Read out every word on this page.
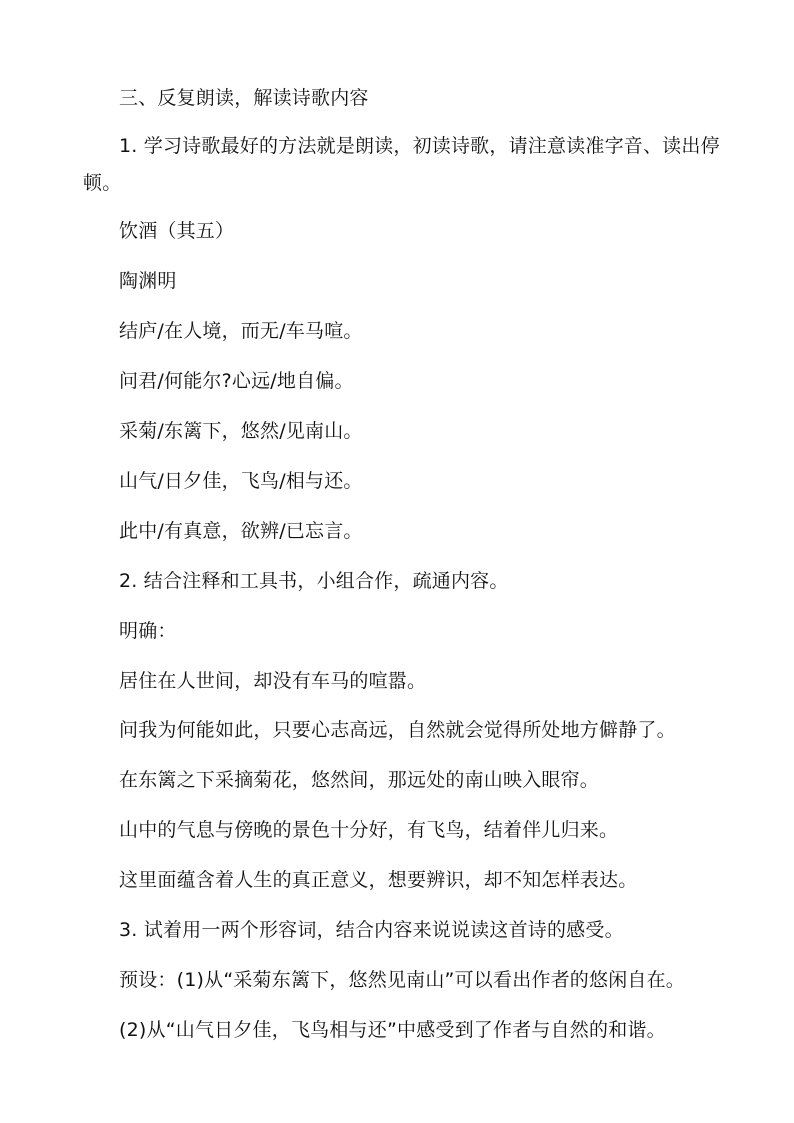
三、反复朗读，解读诗歌内容
1. 学习诗歌最好的方法就是朗读，初读诗歌，请注意读准字音、读出停
顿。
饮酒（其五）
陶渊明
结庐/在人境，而无/车马喧。
问君/何能尔?心远/地自偏。
采菊/东篱下，悠然/见南山。
山气/日夕佳，飞鸟/相与还。
此中/有真意，欲辨/已忘言。
2. 结合注释和工具书，小组合作，疏通内容。
明确：
居住在人世间，却没有车马的喧嚣。
问我为何能如此，只要心志高远，自然就会觉得所处地方僻静了。
在东篱之下采摘菊花，悠然间，那远处的南山映入眼帘。
山中的气息与傍晚的景色十分好，有飞鸟，结着伴儿归来。
这里面蕴含着人生的真正意义，想要辨识，却不知怎样表达。
3. 试着用一两个形容词，结合内容来说说读这首诗的感受。
预设：(1)从“采菊东篱下，悠然见南山”可以看出作者的悠闲自在。
(2)从“山气日夕佳，飞鸟相与还”中感受到了作者与自然的和谐。
